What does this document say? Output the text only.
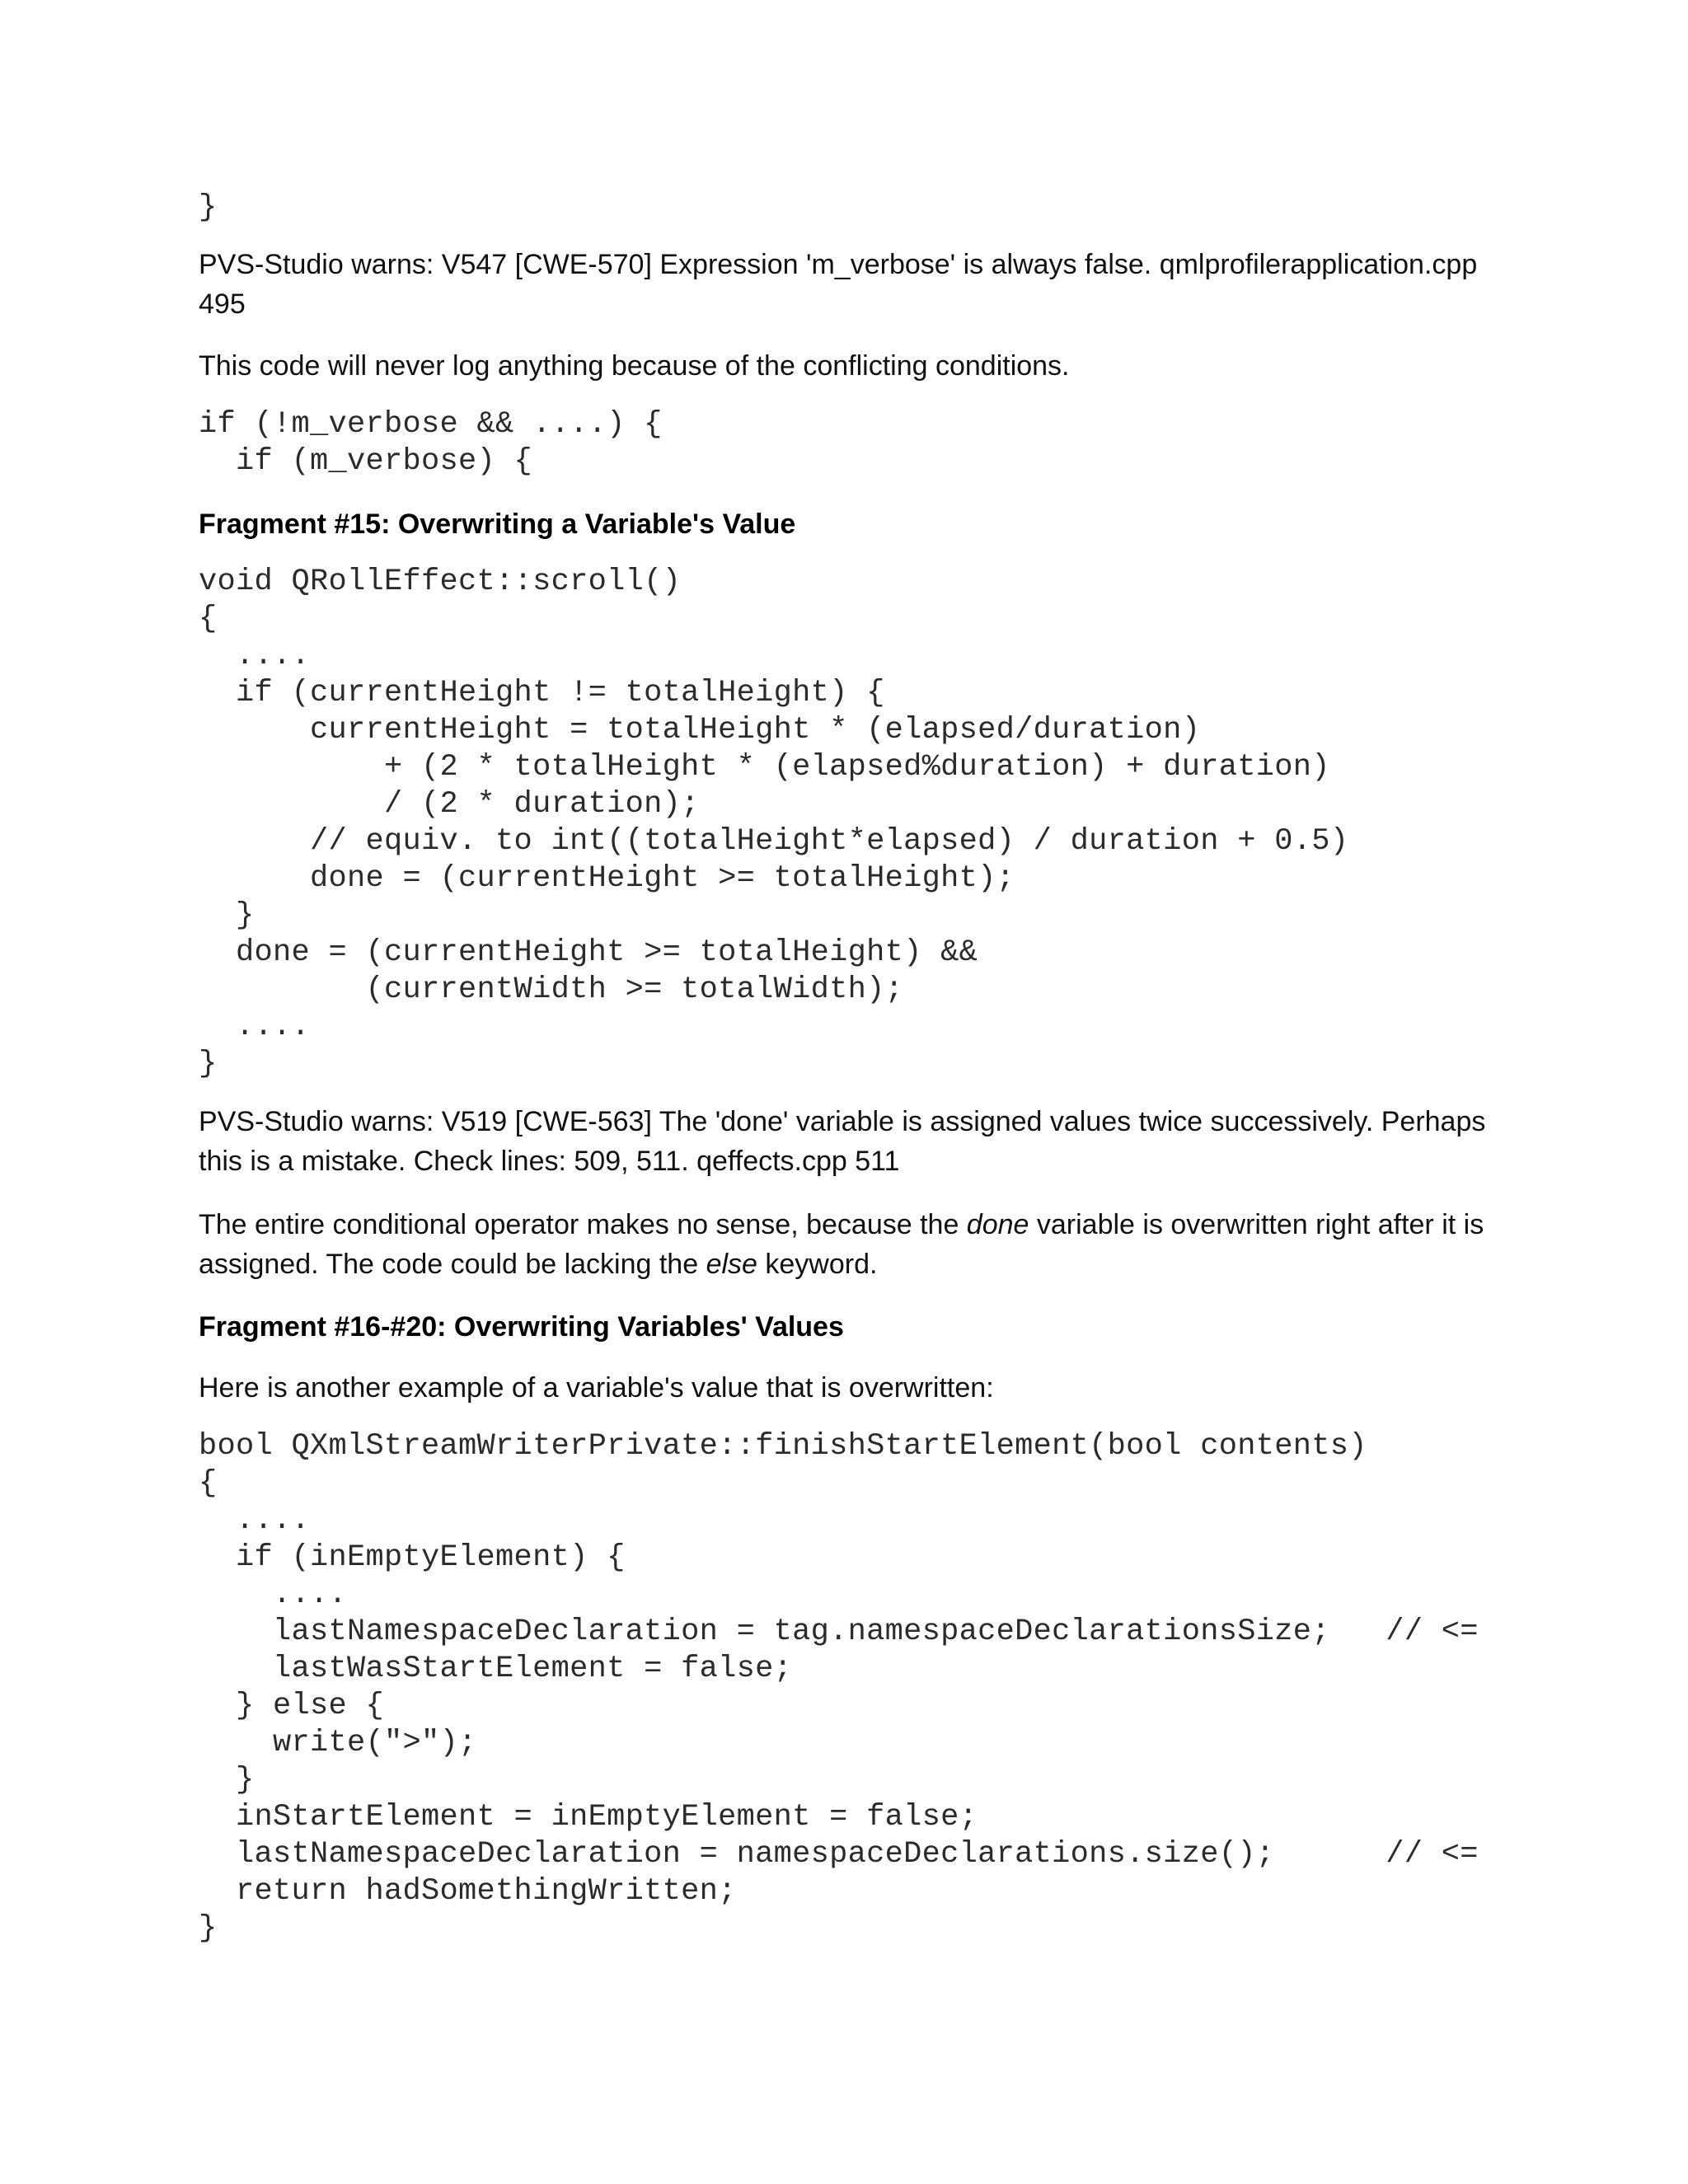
}

PVS-Studio warns: V547 [CWE-570] Expression 'm_verbose' is always false. qmlprofilerapplication.cpp 495

This code will never log anything because of the conflicting conditions.

if (!m_verbose && ....) {
if (m_verbose) {
Fragment #15: Overwriting a Variable's Value
void QRollEffect::scroll()
{
....
if (currentHeight != totalHeight) {
currentHeight = totalHeight * (elapsed/duration)
+ (2 * totalHeight * (elapsed%duration) + duration)
/ (2 * duration);
// equiv. to int((totalHeight*elapsed) / duration + 0.5)
done = (currentHeight >= totalHeight);
}
done = (currentHeight >= totalHeight) &&
(currentWidth >= totalWidth);
....
}

PVS-Studio warns: V519 [CWE-563] The 'done' variable is assigned values twice successively. Perhaps this is a mistake. Check lines: 509, 511. qeffects.cpp 511

The entire conditional operator makes no sense, because the done variable is overwritten right after it is assigned. The code could be lacking the else keyword.

Fragment #16-#20: Overwriting Variables' Values

Here is another example of a variable's value that is overwritten:

bool QXmlStreamWriterPrivate::finishStartElement(bool contents)
{
....
if (inEmptyElement) {
....
lastNamespaceDeclaration = tag.namespaceDeclarationsSize;   // <=
lastWasStartElement = false;
} else {
write(">");
}
inStartElement = inEmptyElement = false;
lastNamespaceDeclaration = namespaceDeclarations.size();      // <=
return hadSomethingWritten;
}
